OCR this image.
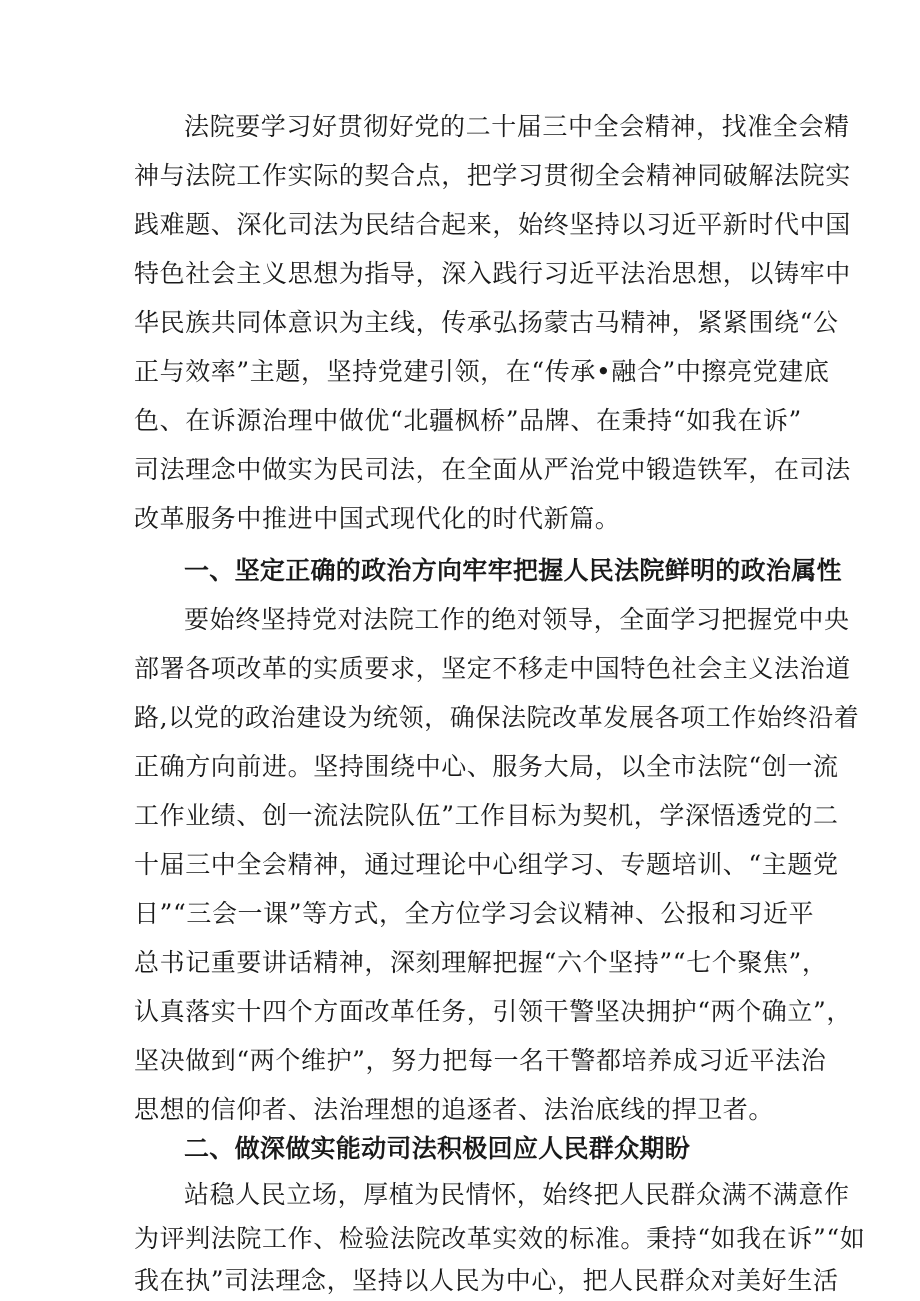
法院要学习好贯彻好党的二十届三中全会精神，找准全会精
神与法院工作实际的契合点，把学习贯彻全会精神同破解法院实
践难题、深化司法为民结合起来，始终坚持以习近平新时代中国
特色社会主义思想为指导，深入践行习近平法治思想，以铸牢中
华民族共同体意识为主线，传承弘扬蒙古马精神，紧紧围绕“公
正与效率”主题，坚持党建引领，在“传承•融合”中擦亮党建底
色、在诉源治理中做优“北疆枫桥”品牌、在秉持“如我在诉”
司法理念中做实为民司法，在全面从严治党中锻造铁军，在司法
改革服务中推进中国式现代化的时代新篇。
一、坚定正确的政治方向牢牢把握人民法院鲜明的政治属性
要始终坚持党对法院工作的绝对领导，全面学习把握党中央
部署各项改革的实质要求，坚定不移走中国特色社会主义法治道
路,以党的政治建设为统领，确保法院改革发展各项工作始终沿着
正确方向前进。坚持围绕中心、服务大局，以全市法院“创一流
工作业绩、创一流法院队伍”工作目标为契机，学深悟透党的二
十届三中全会精神，通过理论中心组学习、专题培训、“主题党
日”“三会一课”等方式，全方位学习会议精神、公报和习近平
总书记重要讲话精神，深刻理解把握“六个坚持”“七个聚焦”，
认真落实十四个方面改革任务，引领干警坚决拥护“两个确立”，
坚决做到“两个维护”，努力把每一名干警都培养成习近平法治
思想的信仰者、法治理想的追逐者、法治底线的捍卫者。
二、做深做实能动司法积极回应人民群众期盼
站稳人民立场，厚植为民情怀，始终把人民群众满不满意作
为评判法院工作、检验法院改革实效的标准。秉持“如我在诉”“如
我在执”司法理念，坚持以人民为中心，把人民群众对美好生活
